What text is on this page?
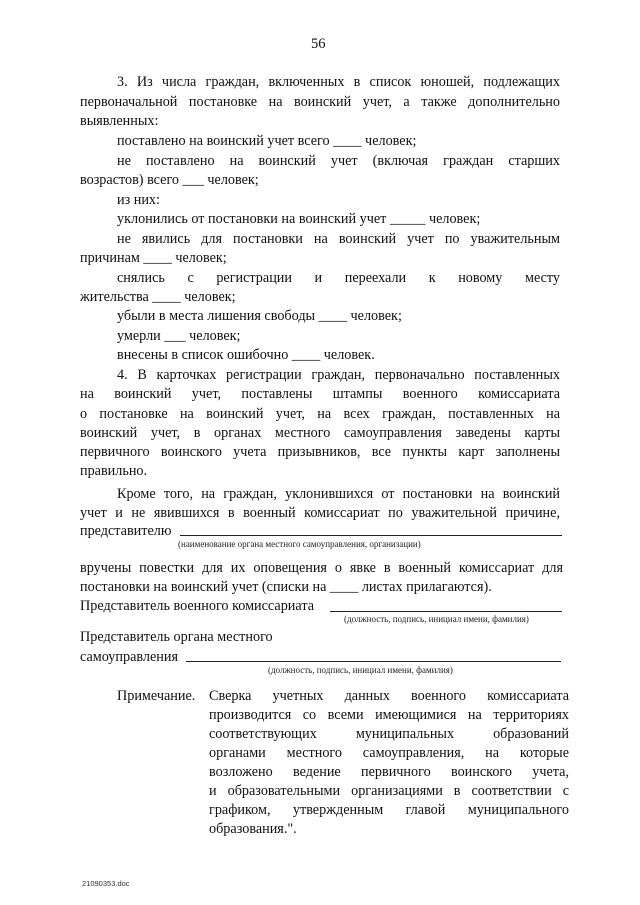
56
3. Из числа граждан, включенных в список юношей, подлежащих
первоначальной постановке на воинский учет, а также дополнительно
выявленных:
поставлено на воинский учет всего ____ человек;
не поставлено на воинский учет (включая граждан старших
возрастов) всего ___ человек;
из них:
уклонились от постановки на воинский учет _____ человек;
не явились для постановки на воинский учет по уважительным
причинам ____ человек;
снялись с регистрации и переехали к новому месту
жительства ____ человек;
убыли в места лишения свободы ____ человек;
умерли ___ человек;
внесены в список ошибочно ____ человек.
4. В карточках регистрации граждан, первоначально поставленных
на воинский учет, поставлены штампы военного комиссариата
о постановке на воинский учет, на всех граждан, поставленных на
воинский учет, в органах местного самоуправления заведены карты
первичного воинского учета призывников, все пункты карт заполнены
правильно.
Кроме того, на граждан, уклонившихся от постановки на воинский
учет и не явившихся в военный комиссариат по уважительной причине,
представителю
(наименование органа местного самоуправления, организации)
вручены повестки для их оповещения о явке в военный комиссариат для
постановки на воинский учет (списки на ____ листах прилагаются).
Представитель военного комиссариата
(должность, подпись, инициал имени, фамилия)
Представитель органа местного
самоуправления
(должность, подпись, инициал имени, фамилия)
Примечание. Сверка учетных данных военного комиссариата
производится со всеми имеющимися на территориях
соответствующих муниципальных образований
органами местного самоуправления, на которые
возложено ведение первичного воинского учета,
и образовательными организациями в соответствии с
графиком, утвержденным главой муниципального
образования.".
21090353.doc
